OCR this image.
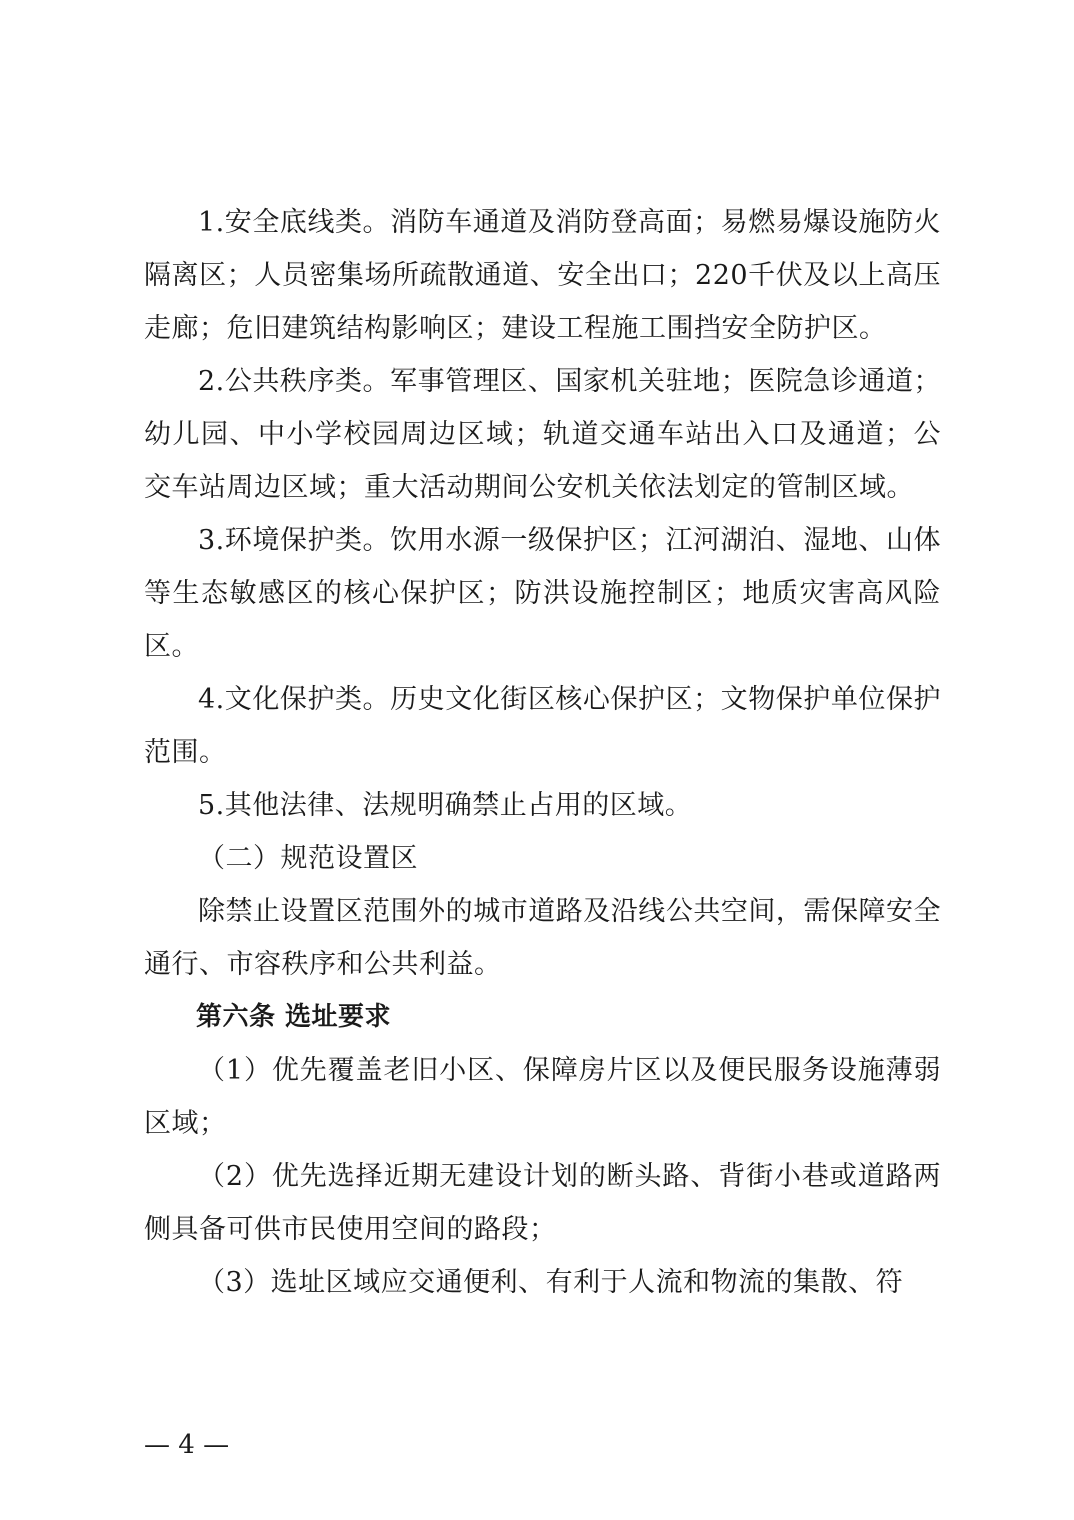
1.安全底线类。消防车通道及消防登高面；易燃易爆设施防火隔离区；人员密集场所疏散通道、安全出口；220千伏及以上高压走廊；危旧建筑结构影响区；建设工程施工围挡安全防护区。

2.公共秩序类。军事管理区、国家机关驻地；医院急诊通道；幼儿园、中小学校园周边区域；轨道交通车站出入口及通道；公交车站周边区域；重大活动期间公安机关依法划定的管制区域。

3.环境保护类。饮用水源一级保护区；江河湖泊、湿地、山体等生态敏感区的核心保护区；防洪设施控制区；地质灾害高风险区。

4.文化保护类。历史文化街区核心保护区；文物保护单位保护范围。

5.其他法律、法规明确禁止占用的区域。

（二）规范设置区

除禁止设置区范围外的城市道路及沿线公共空间，需保障安全通行、市容秩序和公共利益。

第六条 选址要求

（1）优先覆盖老旧小区、保障房片区以及便民服务设施薄弱区域；

（2）优先选择近期无建设计划的断头路、背街小巷或道路两侧具备可供市民使用空间的路段；

（3）选址区域应交通便利、有利于人流和物流的集散、符

— 4 —
